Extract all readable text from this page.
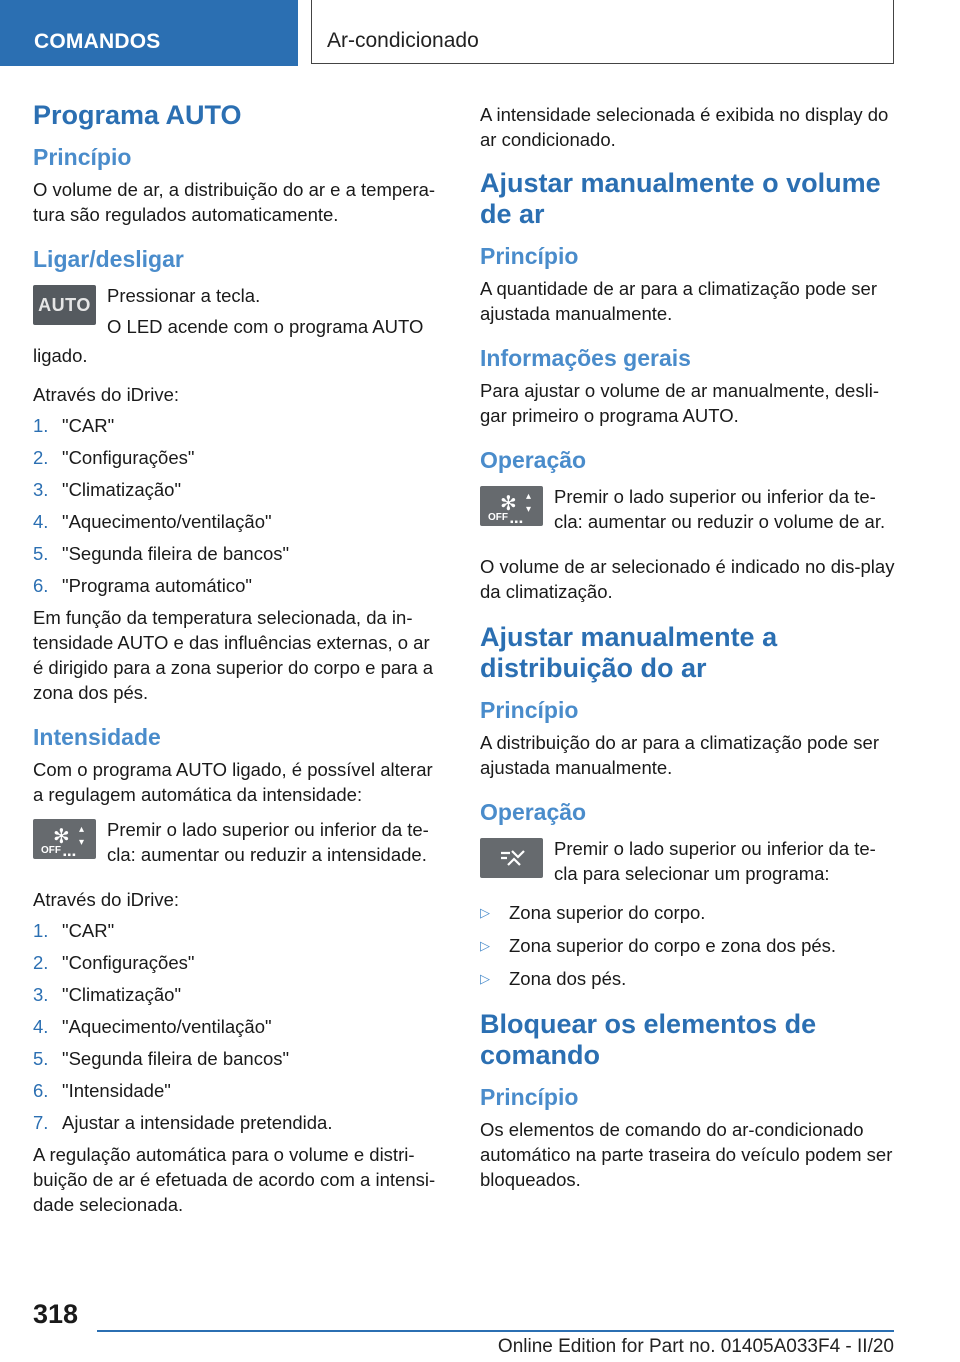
COMANDOS	Ar-condicionado
Programa AUTO
Princípio

O volume de ar, a distribuição do ar e a tempera-tura são regulados automaticamente.

Ligar/desligar
AUTO Pressionar a tecla.

O LED acende com o programa AUTO

ligado.

Através do iDrive:

1. "CAR"
2. "Configurações"
3. "Climatização"
4. "Aquecimento/ventilação"
5. "Segunda fileira de bancos"
6. "Programa automático"

Em função da temperatura selecionada, da in-tensidade AUTO e das influências externas, o ar é dirigido para a zona superior do corpo e para a zona dos pés.

Intensidade

Com o programa AUTO ligado, é possível alterar a regulagem automática da intensidade:

✻ ▴
▾
OFF ▪▪▪

Premir o lado superior ou inferior da te-cla: aumentar ou reduzir a intensidade.

Através do iDrive:

1. "CAR"
2. "Configurações"
3. "Climatização"
4. "Aquecimento/ventilação"
5. "Segunda fileira de bancos"
6. "Intensidade"
7. Ajustar a intensidade pretendida.

A regulação automática para o volume e distri-buição de ar é efetuada de acordo com a intensi-dade selecionada.

A intensidade selecionada é exibida no display do ar condicionado.

Ajustar manualmente o volume de ar
Princípio

A quantidade de ar para a climatização pode ser ajustada manualmente.

Informações gerais

Para ajustar o volume de ar manualmente, desli-gar primeiro o programa AUTO.

Operação
✻ ▴
▾
OFF ▪▪▪

Premir o lado superior ou inferior da te-cla: aumentar ou reduzir o volume de ar.

O volume de ar selecionado é indicado no dis-play da climatização.

Ajustar manualmente a distribuição do ar
Princípio

A distribuição do ar para a climatização pode ser ajustada manualmente.

Operação

Premir o lado superior ou inferior da te-cla para selecionar um programa:

▷	Zona superior do corpo.
▷	Zona superior do corpo e zona dos pés.
▷	Zona dos pés.
Bloquear os elementos de comando
Princípio

Os elementos de comando do ar-condicionado automático na parte traseira do veículo podem ser bloqueados.

318
Online Edition for Part no. 01405A033F4 - II/20
